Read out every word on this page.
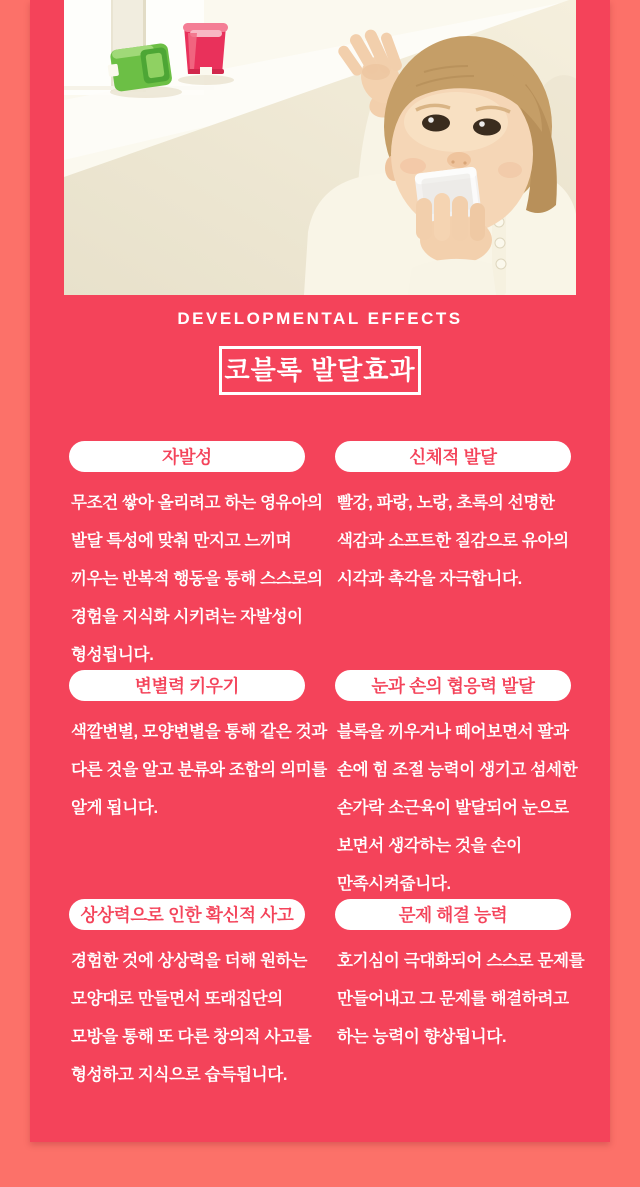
DEVELOPMENTAL EFFECTS
코블록 발달효과
자발성

무조건 쌓아 올리려고 하는 영유아의

발달 특성에 맞춰 만지고 느끼며

끼우는 반복적 행동을 통해 스스로의

경험을 지식화 시키려는 자발성이

형성됩니다.

신체적 발달

빨강, 파랑, 노랑, 초록의 선명한

색감과 소프트한 질감으로 유아의

시각과 촉각을 자극합니다.

변별력 키우기

색깔변별, 모양변별을 통해 같은 것과

다른 것을 알고 분류와 조합의 의미를

알게 됩니다.

눈과 손의 협응력 발달

블록을 끼우거나 떼어보면서 팔과

손에 힘 조절 능력이 생기고 섬세한

손가락 소근육이 발달되어 눈으로

보면서 생각하는 것을 손이

만족시켜줍니다.

상상력으로 인한 확신적 사고

경험한 것에 상상력을 더해 원하는

모양대로 만들면서 또래집단의

모방을 통해 또 다른 창의적 사고를

형성하고 지식으로 습득됩니다.

문제 해결 능력

호기심이 극대화되어 스스로 문제를

만들어내고 그 문제를 해결하려고

하는 능력이 향상됩니다.
